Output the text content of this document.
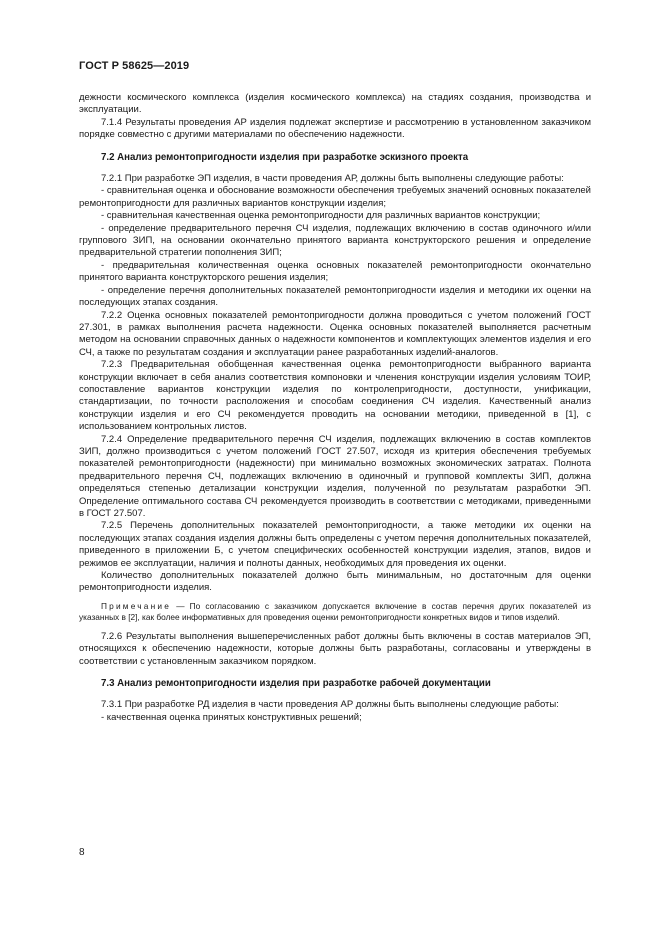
ГОСТ Р 58625—2019

дежности космического комплекса (изделия космического комплекса) на стадиях создания, производства и эксплуатации.

7.1.4 Результаты проведения АР изделия подлежат экспертизе и рассмотрению в установленном заказчиком порядке совместно с другими материалами по обеспечению надежности.

7.2 Анализ ремонтопригодности изделия при разработке эскизного проекта

7.2.1 При разработке ЭП изделия, в части проведения АР, должны быть выполнены следующие работы:

- сравнительная оценка и обоснование возможности обеспечения требуемых значений основных показателей ремонтопригодности для различных вариантов конструкции изделия;

- сравнительная качественная оценка ремонтопригодности для различных вариантов конструкции;

- определение предварительного перечня СЧ изделия, подлежащих включению в состав одиночного и/или группового ЗИП, на основании окончательно принятого варианта конструкторского решения и определение предварительной стратегии пополнения ЗИП;

- предварительная количественная оценка основных показателей ремонтопригодности окончательно принятого варианта конструкторского решения изделия;

- определение перечня дополнительных показателей ремонтопригодности изделия и методики их оценки на последующих этапах создания.

7.2.2 Оценка основных показателей ремонтопригодности должна проводиться с учетом положений ГОСТ 27.301, в рамках выполнения расчета надежности. Оценка основных показателей выполняется расчетным методом на основании справочных данных о надежности компонентов и комплектующих элементов изделия и его СЧ, а также по результатам создания и эксплуатации ранее разработанных изделий-аналогов.

7.2.3 Предварительная обобщенная качественная оценка ремонтопригодности выбранного варианта конструкции включает в себя анализ соответствия компоновки и членения конструкции изделия условиям ТОИР, сопоставление вариантов конструкции изделия по контролепригодности, доступности, унификации, стандартизации, по точности расположения и способам соединения СЧ изделия. Качественный анализ конструкции изделия и его СЧ рекомендуется проводить на основании методики, приведенной в [1], с использованием контрольных листов.

7.2.4 Определение предварительного перечня СЧ изделия, подлежащих включению в состав комплектов ЗИП, должно производиться с учетом положений ГОСТ 27.507, исходя из критерия обеспечения требуемых показателей ремонтопригодности (надежности) при минимально возможных экономических затратах. Полнота предварительного перечня СЧ, подлежащих включению в одиночный и групповой комплекты ЗИП, должна определяться степенью детализации конструкции изделия, полученной по результатам разработки ЭП. Определение оптимального состава СЧ рекомендуется производить в соответствии с методиками, приведенными в ГОСТ 27.507.

7.2.5 Перечень дополнительных показателей ремонтопригодности, а также методики их оценки на последующих этапах создания изделия должны быть определены с учетом перечня дополнительных показателей, приведенного в приложении Б, с учетом специфических особенностей конструкции изделия, этапов, видов и режимов ее эксплуатации, наличия и полноты данных, необходимых для проведения их оценки.

Количество дополнительных показателей должно быть минимальным, но достаточным для оценки ремонтопригодности изделия.

Примечание — По согласованию с заказчиком допускается включение в состав перечня других показателей из указанных в [2], как более информативных для проведения оценки ремонтопригодности конкретных видов и типов изделий.

7.2.6 Результаты выполнения вышеперечисленных работ должны быть включены в состав материалов ЭП, относящихся к обеспечению надежности, которые должны быть разработаны, согласованы и утверждены в соответствии с установленным заказчиком порядком.

7.3 Анализ ремонтопригодности изделия при разработке рабочей документации

7.3.1 При разработке РД изделия в части проведения АР должны быть выполнены следующие работы:

- качественная оценка принятых конструктивных решений;

8
